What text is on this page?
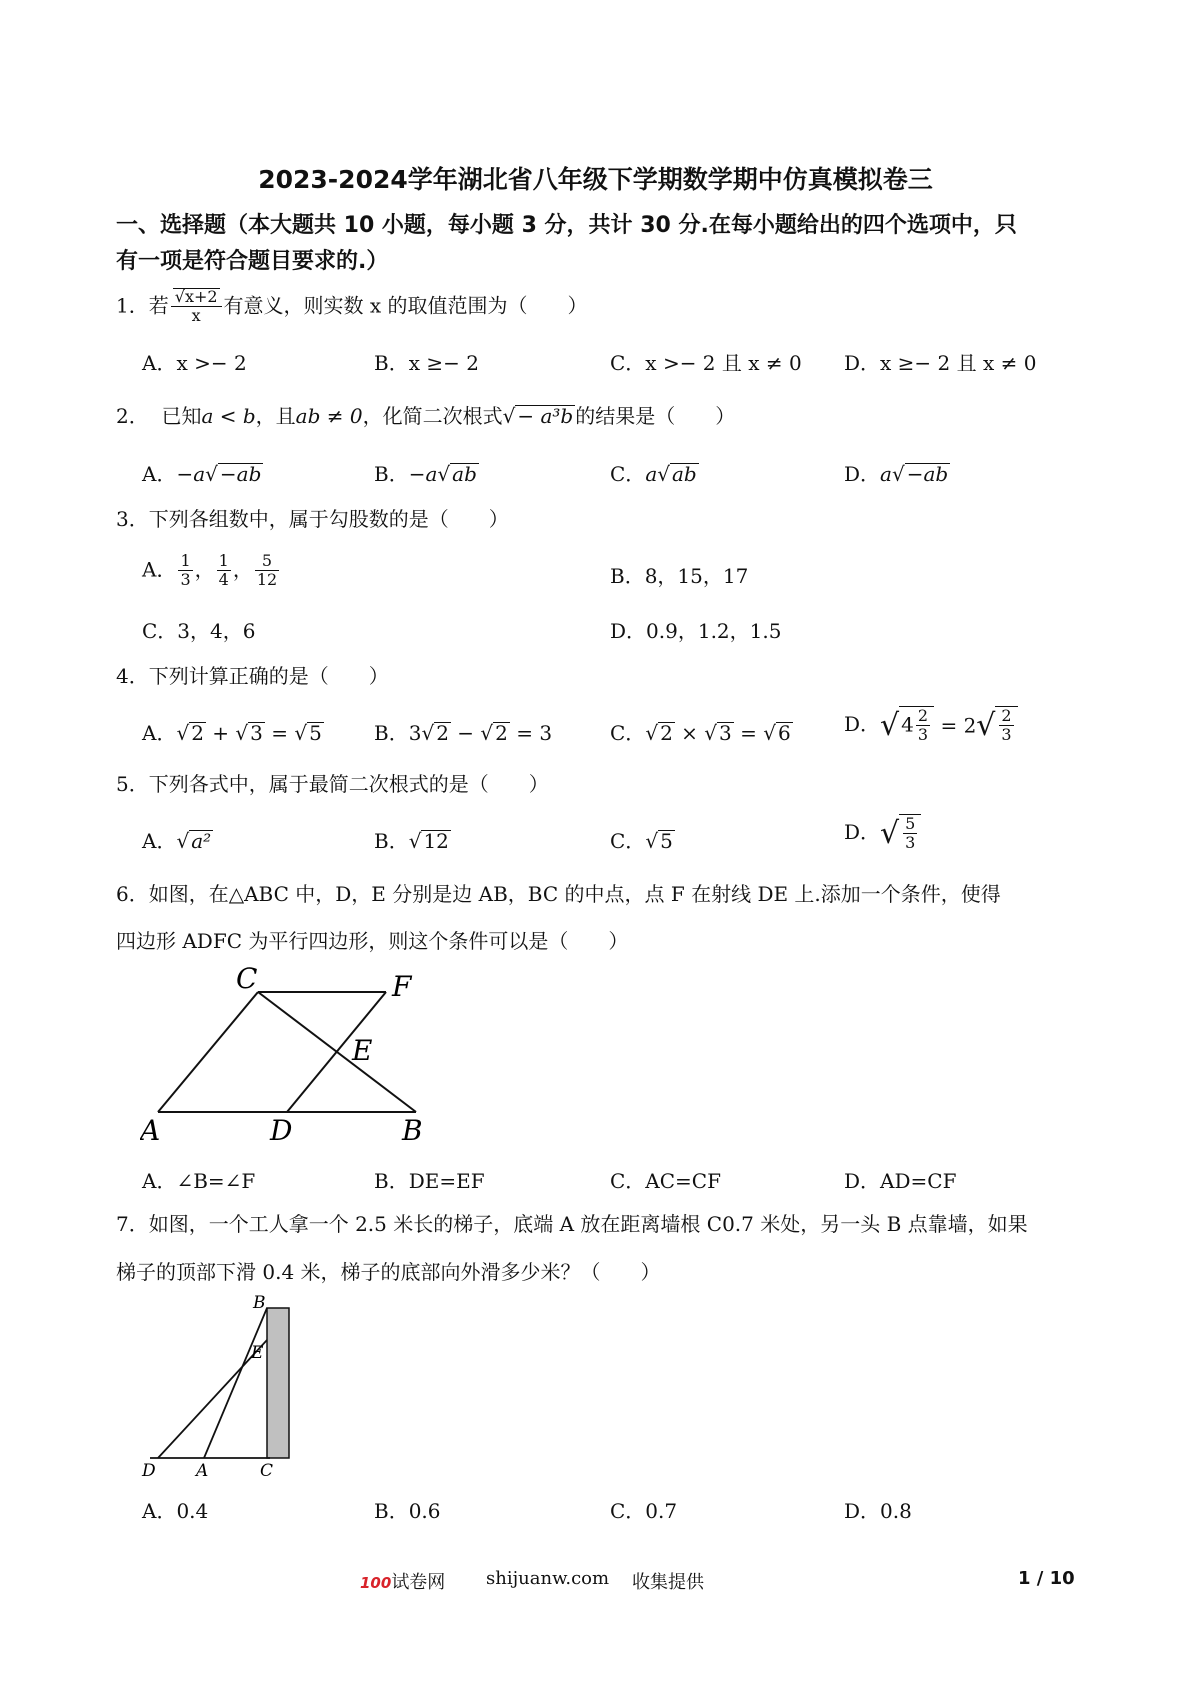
2023-2024学年湖北省八年级下学期数学期中仿真模拟卷三
一、选择题（本大题共 10 小题，每小题 3 分，共计 30 分.在每小题给出的四个选项中，只
有一项是符合题目要求的.）
1．若 $\frac{√x+2}{x}$ 有意义，则实数 x 的取值范围为（　　）
A．x >− 2	B．x ≥− 2	C．x >− 2 且 x ≠ 0 D．x ≥− 2 且 x ≠ 0
2． 已知a < b，且ab ≠ 0，化简二次根式√ − a³b 的结果是（　　）
A．−a√ −ab	B．−a√ ab	C．a√ ab	D．a√ −ab
3．下列各组数中，属于勾股数的是（　　）
A． $\frac{1}{3}$ ， $\frac{1}{4}$ ， $\frac{5}{12}$	B．8，15，17
C．3，4，6	D．0.9，1.2，1.5
4．下列计算正确的是（　　）
A．√ 2 + √ 3 = √ 5	B．3√ 2 − √ 2 = 3	C．√ 2 × √ 3 = √ 6	D．√ $4 \frac{2}{3} = 2√ \frac{2}{3}$
5．下列各式中，属于最简二次根式的是（　　）
A．√ a²	B．√ 12	C．√ 5	D．√ $\frac{5}{3}$
6．如图，在△ABC 中，D，E 分别是边 AB，BC 的中点，点 F 在射线 DE 上.添加一个条件，使得
四边形 ADFC 为平行四边形，则这个条件可以是（　　）
C	F
E
A	D	B
A．∠B=∠F	B．DE=EF	C．AC=CF	D．AD=CF
7．如图，一个工人拿一个 2.5 米长的梯子，底端 A 放在距离墙根 C0.7 米处，另一头 B 点靠墙，如果
梯子的顶部下滑 0.4 米，梯子的底部向外滑多少米？（　　）
B
E
D A	C
A．0.4	B．0.6	C．0.7	D．0.8
100试卷网 shijuanw.com 收集提供	1 / 10
